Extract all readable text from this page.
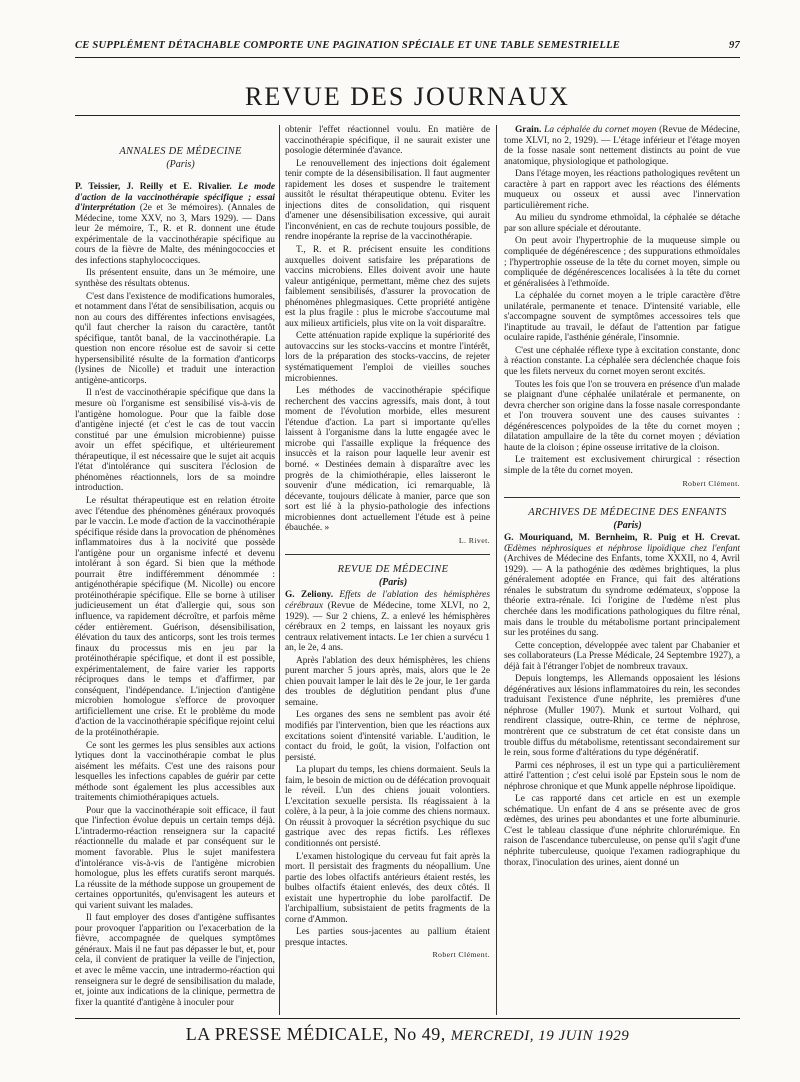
CE SUPPLÉMENT DÉTACHABLE COMPORTE UNE PAGINATION SPÉCIALE ET UNE TABLE SEMESTRIELLE	97
REVUE DES JOURNAUX

ANNALES DE MÉDECINE

(Paris)

P. Teissier, J. Reilly et E. Rivalier. Le mode d'action de la vaccinothérapie spécifique ; essai d'interprétation (2e et 3e mémoires). (Annales de Médecine, tome XXV, no 3, Mars 1929). — Dans leur 2e mémoire, T., R. et R. donnent une étude expérimentale de la vaccinothérapie spécifique au cours de la fièvre de Malte, des méningococcies et des infections staphylococciques.

Ils présentent ensuite, dans un 3e mémoire, une synthèse des résultats obtenus.

C'est dans l'existence de modifications humorales, et notamment dans l'état de sensibilisation, acquis ou non au cours des différentes infections envisagées, qu'il faut chercher la raison du caractère, tantôt spécifique, tantôt banal, de la vaccinothérapie. La question non encore résolue est de savoir si cette hypersensibilité résulte de la formation d'anticorps (lysines de Nicolle) et traduit une interaction antigène-anticorps.

Il n'est de vaccinothérapie spécifique que dans la mesure où l'organisme est sensibilisé vis-à-vis de l'antigène homologue. Pour que la faible dose d'antigène injecté (et c'est le cas de tout vaccin constitué par une émulsion microbienne) puisse avoir un effet spécifique, et ultérieurement thérapeutique, il est nécessaire que le sujet ait acquis l'état d'intolérance qui suscitera l'éclosion de phénomènes réactionnels, lors de sa moindre introduction.

Le résultat thérapeutique est en relation étroite avec l'étendue des phénomènes généraux provoqués par le vaccin. Le mode d'action de la vaccinothérapie spécifique réside dans la provocation de phénomènes inflammatoires dus à la nocivité que possède l'antigène pour un organisme infecté et devenu intolérant à son égard. Si bien que la méthode pourrait être indifféremment dénommée : antigénothérapie spécifique (M. Nicolle) ou encore protéinothérapie spécifique. Elle se borne à utiliser judicieusement un état d'allergie qui, sous son influence, va rapidement décroître, et parfois même céder entièrement. Guérison, désensibilisation, élévation du taux des anticorps, sont les trois termes finaux du processus mis en jeu par la protéinothérapie spécifique, et dont il est possible, expérimentalement, de faire varier les rapports réciproques dans le temps et d'affirmer, par conséquent, l'indépendance. L'injection d'antigène microbien homologue s'efforce de provoquer artificiellement une crise. Et le problème du mode d'action de la vaccinothérapie spécifique rejoint celui de la protéinothérapie.

Ce sont les germes les plus sensibles aux actions lytiques dont la vaccinothérapie combat le plus aisément les méfaits. C'est une des raisons pour lesquelles les infections capables de guérir par cette méthode sont également les plus accessibles aux traitements chimiothérapiques actuels.

Pour que la vaccinothérapie soit efficace, il faut que l'infection évolue depuis un certain temps déjà. L'intradermo-réaction renseignera sur la capacité réactionnelle du malade et par conséquent sur le moment favorable. Plus le sujet manifestera d'intolérance vis-à-vis de l'antigène microbien homologue, plus les effets curatifs seront marqués. La réussite de la méthode suppose un groupement de certaines opportunités, qu'envisagent les auteurs et qui varient suivant les malades.

Il faut employer des doses d'antigène suffisantes pour provoquer l'apparition ou l'exacerbation de la fièvre, accompagnée de quelques symptômes généraux. Mais il ne faut pas dépasser le but, et, pour cela, il convient de pratiquer la veille de l'injection, et avec le même vaccin, une intradermo-réaction qui renseignera sur le degré de sensibilisation du malade, et, jointe aux indications de la clinique, permettra de fixer la quantité d'antigène à inoculer pour

obtenir l'effet réactionnel voulu. En matière de vaccinothérapie spécifique, il ne saurait exister une posologie déterminée d'avance.

Le renouvellement des injections doit également tenir compte de la désensibilisation. Il faut augmenter rapidement les doses et suspendre le traitement aussitôt le résultat thérapeutique obtenu. Eviter les injections dites de consolidation, qui risquent d'amener une désensibilisation excessive, qui aurait l'inconvénient, en cas de rechute toujours possible, de rendre inopérante la reprise de la vaccinothérapie.

T., R. et R. précisent ensuite les conditions auxquelles doivent satisfaire les préparations de vaccins microbiens. Elles doivent avoir une haute valeur antigénique, permettant, même chez des sujets faiblement sensibilisés, d'assurer la provocation de phénomènes phlegmasiques. Cette propriété antigène est la plus fragile : plus le microbe s'accoutume mal aux milieux artificiels, plus vite on la voit disparaître.

Cette atténuation rapide explique la supériorité des autovaccins sur les stocks-vaccins et montre l'intérêt, lors de la préparation des stocks-vaccins, de rejeter systématiquement l'emploi de vieilles souches microbiennes.

Les méthodes de vaccinothérapie spécifique recherchent des vaccins agressifs, mais dont, à tout moment de l'évolution morbide, elles mesurent l'étendue d'action. La part si importante qu'elles laissent à l'organisme dans la lutte engagée avec le microbe qui l'assaille explique la fréquence des insuccès et la raison pour laquelle leur avenir est borné. « Destinées demain à disparaître avec les progrès de la chimiothérapie, elles laisseront le souvenir d'une médication, ici remarquable, là décevante, toujours délicate à manier, parce que son sort est lié à la physio-pathologie des infections microbiennes dont actuellement l'étude est à peine ébauchée. »

L. Rivet.

REVUE DE MÉDECINE

(Paris)

G. Zeliony. Effets de l'ablation des hémisphères cérébraux (Revue de Médecine, tome XLVI, no 2, 1929). — Sur 2 chiens, Z. a enlevé les hémisphères cérébraux en 2 temps, en laissant les noyaux gris centraux relativement intacts. Le 1er chien a survécu 1 an, le 2e, 4 ans.

Après l'ablation des deux hémisphères, les chiens purent marcher 5 jours après, mais, alors que le 2e chien pouvait lamper le lait dès le 2e jour, le 1er garda des troubles de déglutition pendant plus d'une semaine.

Les organes des sens ne semblent pas avoir été modifiés par l'intervention, bien que les réactions aux excitations soient d'intensité variable. L'audition, le contact du froid, le goût, la vision, l'olfaction ont persisté.

La plupart du temps, les chiens dormaient. Seuls la faim, le besoin de miction ou de défécation provoquait le réveil. L'un des chiens jouait volontiers. L'excitation sexuelle persista. Ils réagissaient à la colère, à la peur, à la joie comme des chiens normaux. On réussit à provoquer la sécrétion psychique du suc gastrique avec des repas fictifs. Les réflexes conditionnés ont persisté.

L'examen histologique du cerveau fut fait après la mort. Il persistait des fragments du néopallium. Une partie des lobes olfactifs antérieurs étaient restés, les bulbes olfactifs étaient enlevés, des deux côtés. Il existait une hypertrophie du lobe parolfactif. De l'archipallium, subsistaient de petits fragments de la corne d'Ammon.

Les parties sous-jacentes au pallium étaient presque intactes.

Robert Clément.

Grain. La céphalée du cornet moyen (Revue de Médecine, tome XLVI, no 2, 1929). — L'étage inférieur et l'étage moyen de la fosse nasale sont nettement distincts au point de vue anatomique, physiologique et pathologique.

Dans l'étage moyen, les réactions pathologiques revêtent un caractère à part en rapport avec les réactions des éléments muqueux ou osseux et aussi avec l'innervation particulièrement riche.

Au milieu du syndrome ethmoïdal, la céphalée se détache par son allure spéciale et déroutante.

On peut avoir l'hypertrophie de la muqueuse simple ou compliquée de dégénérescence ; des suppurations ethmoïdales ; l'hypertrophie osseuse de la tête du cornet moyen, simple ou compliquée de dégénérescences localisées à la tête du cornet et généralisées à l'ethmoïde.

La céphalée du cornet moyen a le triple caractère d'être unilatérale, permanente et tenace. D'intensité variable, elle s'accompagne souvent de symptômes accessoires tels que l'inaptitude au travail, le défaut de l'attention par fatigue oculaire rapide, l'asthénie générale, l'insomnie.

C'est une céphalée réflexe type à excitation constante, donc à réaction constante. La céphalée sera déclenchée chaque fois que les filets nerveux du cornet moyen seront excités.

Toutes les fois que l'on se trouvera en présence d'un malade se plaignant d'une céphalée unilatérale et permanente, on devra chercher son origine dans la fosse nasale correspondante et l'on trouvera souvent une des causes suivantes : dégénérescences polypoïdes de la tête du cornet moyen ; dilatation ampullaire de la tête du cornet moyen ; déviation haute de la cloison ; épine osseuse irritative de la cloison.

Le traitement est exclusivement chirurgical : résection simple de la tête du cornet moyen.

Robert Clément.

ARCHIVES DE MÉDECINE DES ENFANTS

(Paris)

G. Mouriquand, M. Bernheim, R. Puig et H. Crevat. Œdèmes néphrosiques et néphrose lipoïdique chez l'enfant (Archives de Médecine des Enfants, tome XXXII, no 4, Avril 1929). — A la pathogénie des œdèmes brightiques, la plus généralement adoptée en France, qui fait des altérations rénales le substratum du syndrome œdémateux, s'oppose la théorie extra-rénale. Ici l'origine de l'œdème n'est plus cherchée dans les modifications pathologiques du filtre rénal, mais dans le trouble du métabolisme portant principalement sur les protéines du sang.

Cette conception, développée avec talent par Chabanier et ses collaborateurs (La Presse Médicale, 24 Septembre 1927), a déjà fait à l'étranger l'objet de nombreux travaux.

Depuis longtemps, les Allemands opposaient les lésions dégénératives aux lésions inflammatoires du rein, les secondes traduisant l'existence d'une néphrite, les premières d'une néphrose (Muller 1907). Munk et surtout Volhard, qui rendirent classique, outre-Rhin, ce terme de néphrose, montrèrent que ce substratum de cet état consiste dans un trouble diffus du métabolisme, retentissant secondairement sur le rein, sous forme d'altérations du type dégénératif.

Parmi ces néphroses, il est un type qui a particulièrement attiré l'attention ; c'est celui isolé par Epstein sous le nom de néphrose chronique et que Munk appelle néphrose lipoïdique.

Le cas rapporté dans cet article en est un exemple schématique. Un enfant de 4 ans se présente avec de gros œdèmes, des urines peu abondantes et une forte albuminurie. C'est le tableau classique d'une néphrite chlorurémique. En raison de l'ascendance tuberculeuse, on pense qu'il s'agit d'une néphrite tuberculeuse, quoique l'examen radiographique du thorax, l'inoculation des urines, aient donné un

LA PRESSE MÉDICALE, No 49, MERCREDI, 19 JUIN 1929
